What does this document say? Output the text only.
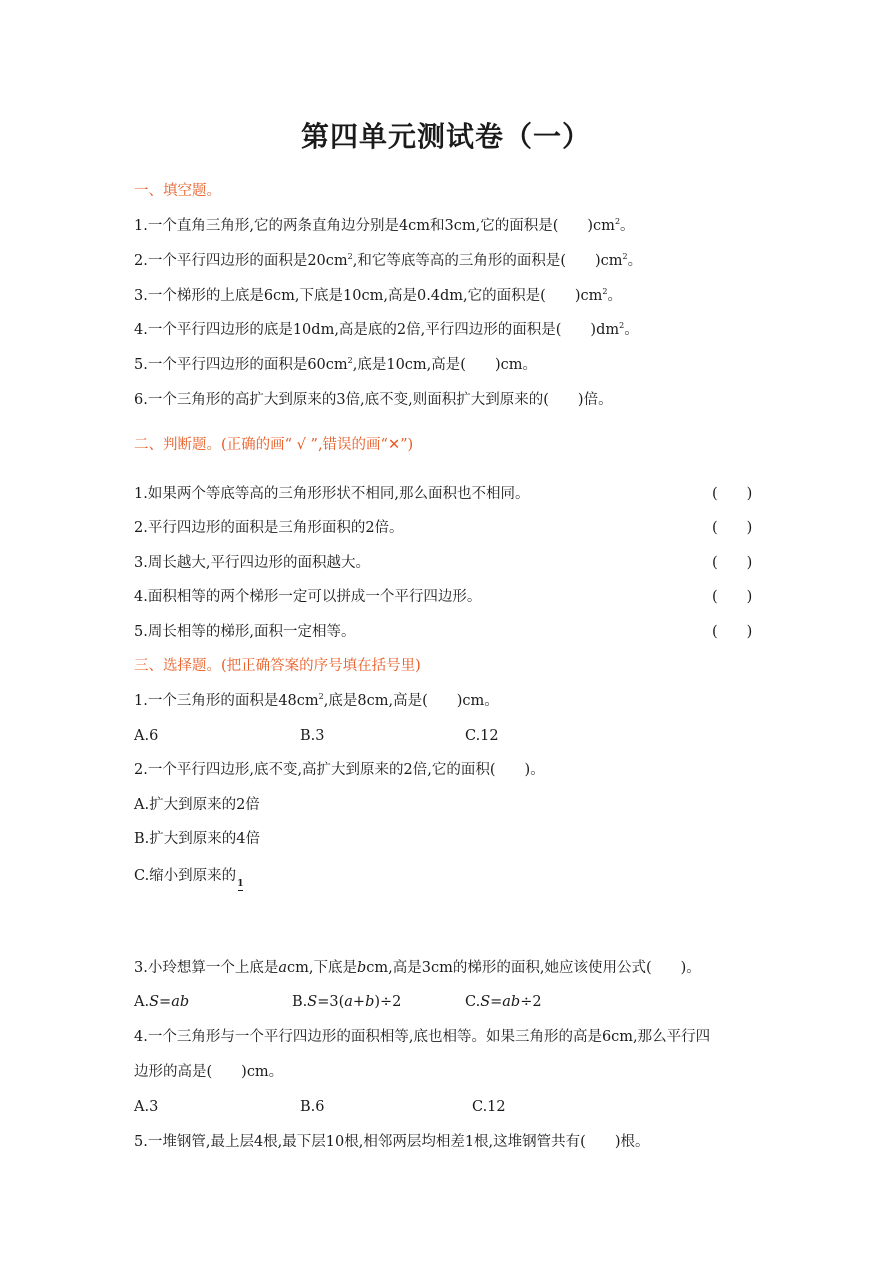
第四单元测试卷（一）
一、填空题。
1.一个直角三角形,它的两条直角边分别是4cm和3cm,它的面积是(　　)$cm^2$。
2.一个平行四边形的面积是$20cm^2$,和它等底等高的三角形的面积是(　　)$cm^2$。
3.一个梯形的上底是6cm,下底是10cm,高是0.4dm,它的面积是(　　)$cm^2$。
4.一个平行四边形的底是10dm,高是底的2倍,平行四边形的面积是(　　)$dm^2$。
5.一个平行四边形的面积是$60cm^2$,底是10cm,高是(　　)cm。
6.一个三角形的高扩大到原来的3倍,底不变,则面积扩大到原来的(　　)倍。
二、判断题。(正确的画“ √ ”,错误的画“✕”)
1.如果两个等底等高的三角形形状不相同,那么面积也不相同。	(　　)
2.平行四边形的面积是三角形面积的2倍。	(　　)
3.周长越大,平行四边形的面积越大。	(　　)
4.面积相等的两个梯形一定可以拼成一个平行四边形。	(　　)
5.周长相等的梯形,面积一定相等。	(　　)
三、选择题。(把正确答案的序号填在括号里)
1.一个三角形的面积是$48cm^2$,底是8cm,高是(　　)cm。
A.6	B.3	C.12
2.一个平行四边形,底不变,高扩大到原来的2倍,它的面积(　　)。
A.扩大到原来的2倍
B.扩大到原来的4倍
C.缩小到原来的 1
3.小玲想算一个上底是acm,下底是bcm,高是3cm的梯形的面积,她应该使用公式(　　)。
A.S=ab	B.S=3(a+b)÷2	C.S=ab÷2
4.一个三角形与一个平行四边形的面积相等,底也相等。如果三角形的高是6cm,那么平行四
边形的高是(　　)cm。
A.3	B.6	C.12
5.一堆钢管,最上层4根,最下层10根,相邻两层均相差1根,这堆钢管共有(　　)根。
